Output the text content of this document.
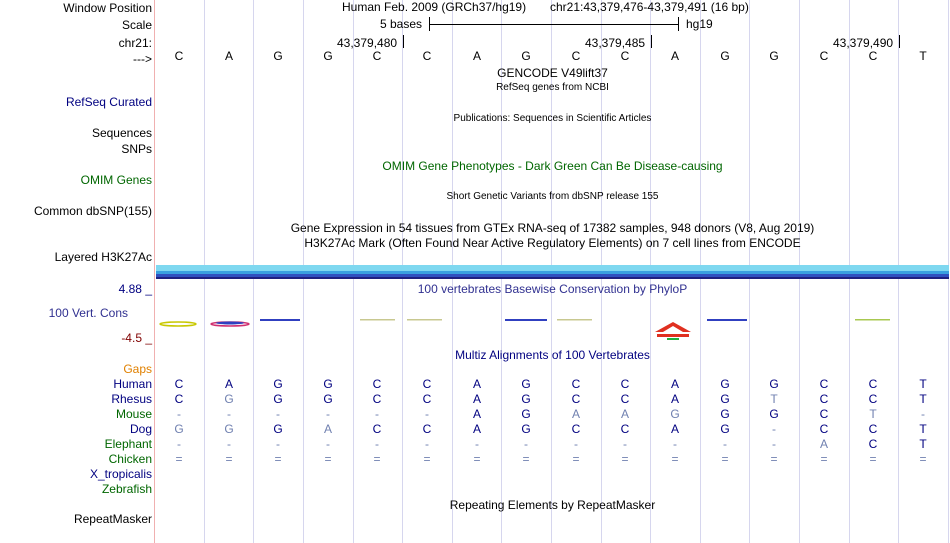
Window Position	Human Feb. 2009 (GRCh37/hg19) chr21:43,379,476-43,379,491 (16 bp)
Scale	5 bases	hg19
chr21:	43,379,480	43,379,485	43,379,490
--->	C	A	G	G	C	C	A	G	C	C	A	G	G	C	C	T
GENCODE V49lift37
RefSeq genes from NCBI
RefSeq Curated
Publications: Sequences in Scientific Articles
Sequences
SNPs
OMIM Gene Phenotypes - Dark Green Can Be Disease-causing
OMIM Genes
Short Genetic Variants from dbSNP release 155
Common dbSNP(155)
Gene Expression in 54 tissues from GTEx RNA-seq of 17382 samples, 948 donors (V8, Aug 2019)
H3K27Ac Mark (Often Found Near Active Regulatory Elements) on 7 cell lines from ENCODE
Layered H3K27Ac
4.88 _	100 vertebrates Basewise Conservation by PhyloP
100 Vert. Cons
-4.5 _
Multiz Alignments of 100 Vertebrates
Gaps
Human	C	A	G	G	C	C	A	G	C	C	A	G	G	C	C	T
Rhesus	C	G	G	G	C	C	A	G	C	C	A	G	T	C	C	T
Mouse	-	-	-	-	-	-	A	G	A	A	G	G	G	C	T	-
Dog	G	G	G	A	C	C	A	G	C	C	A	G	-	C	C	T
Elephant	-	-	-	-	-	-	-	-	-	-	-	-	-	A	C	T
Chicken	=	=	=	=	=	=	=	=	=	=	=	=	=	=	=	=
X_tropicalis
Zebrafish
Repeating Elements by RepeatMasker
RepeatMasker
